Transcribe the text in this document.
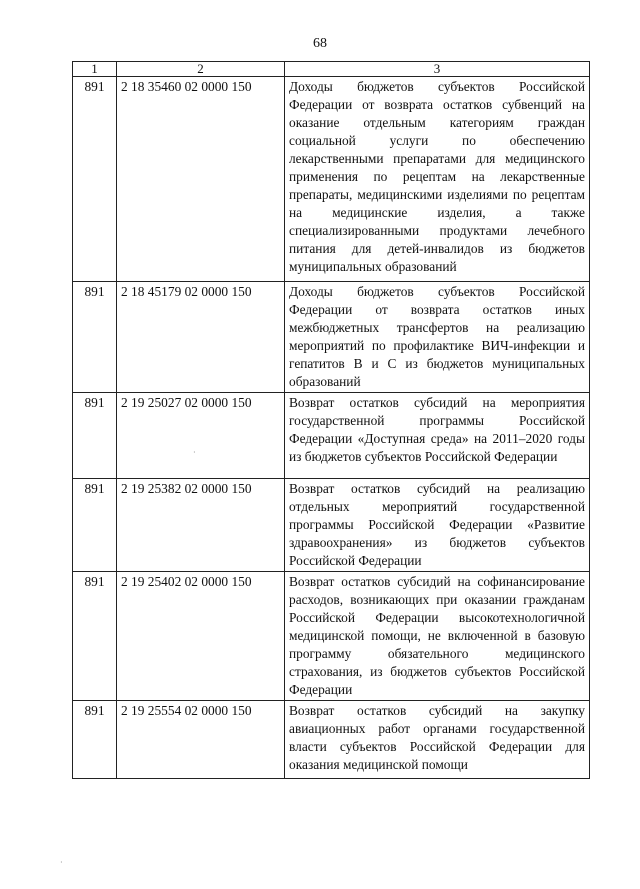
68
1	2	3
891	2 18 35460 02 0000 150	Доходы бюджетов субъектов Российской Федерации от возврата остатков субвенций на оказание отдельным категориям граждан социальной услуги по обеспечению лекарственными препаратами для медицинского применения по рецептам на лекарственные препараты, медицинскими изделиями по рецептам на медицинские изделия, а также специализированными продуктами лечебного питания для детей-инвалидов из бюджетов муниципальных образований
891	2 18 45179 02 0000 150	Доходы бюджетов субъектов Российской Федерации от возврата остатков иных межбюджетных трансфертов на реализацию мероприятий по профилактике ВИЧ-инфекции и гепатитов В и С из бюджетов муниципальных образований
891	2 19 25027 02 0000 150	Возврат остатков субсидий на мероприятия государственной программы Российской Федерации «Доступная среда» на 2011–2020 годы из бюджетов субъектов Российской Федерации
891	2 19 25382 02 0000 150	Возврат остатков субсидий на реализацию отдельных мероприятий государственной программы Российской Федерации «Развитие здравоохранения» из бюджетов субъектов Российской Федерации
891	2 19 25402 02 0000 150	Возврат остатков субсидий на софинансирование расходов, возникающих при оказании гражданам Российской Федерации высокотехнологичной медицинской помощи, не включенной в базовую программу обязательного медицинского страхования, из бюджетов субъектов Российской Федерации
891	2 19 25554 02 0000 150	Возврат остатков субсидий на закупку авиационных работ органами государственной власти субъектов Российской Федерации для оказания медицинской помощи
·
·
